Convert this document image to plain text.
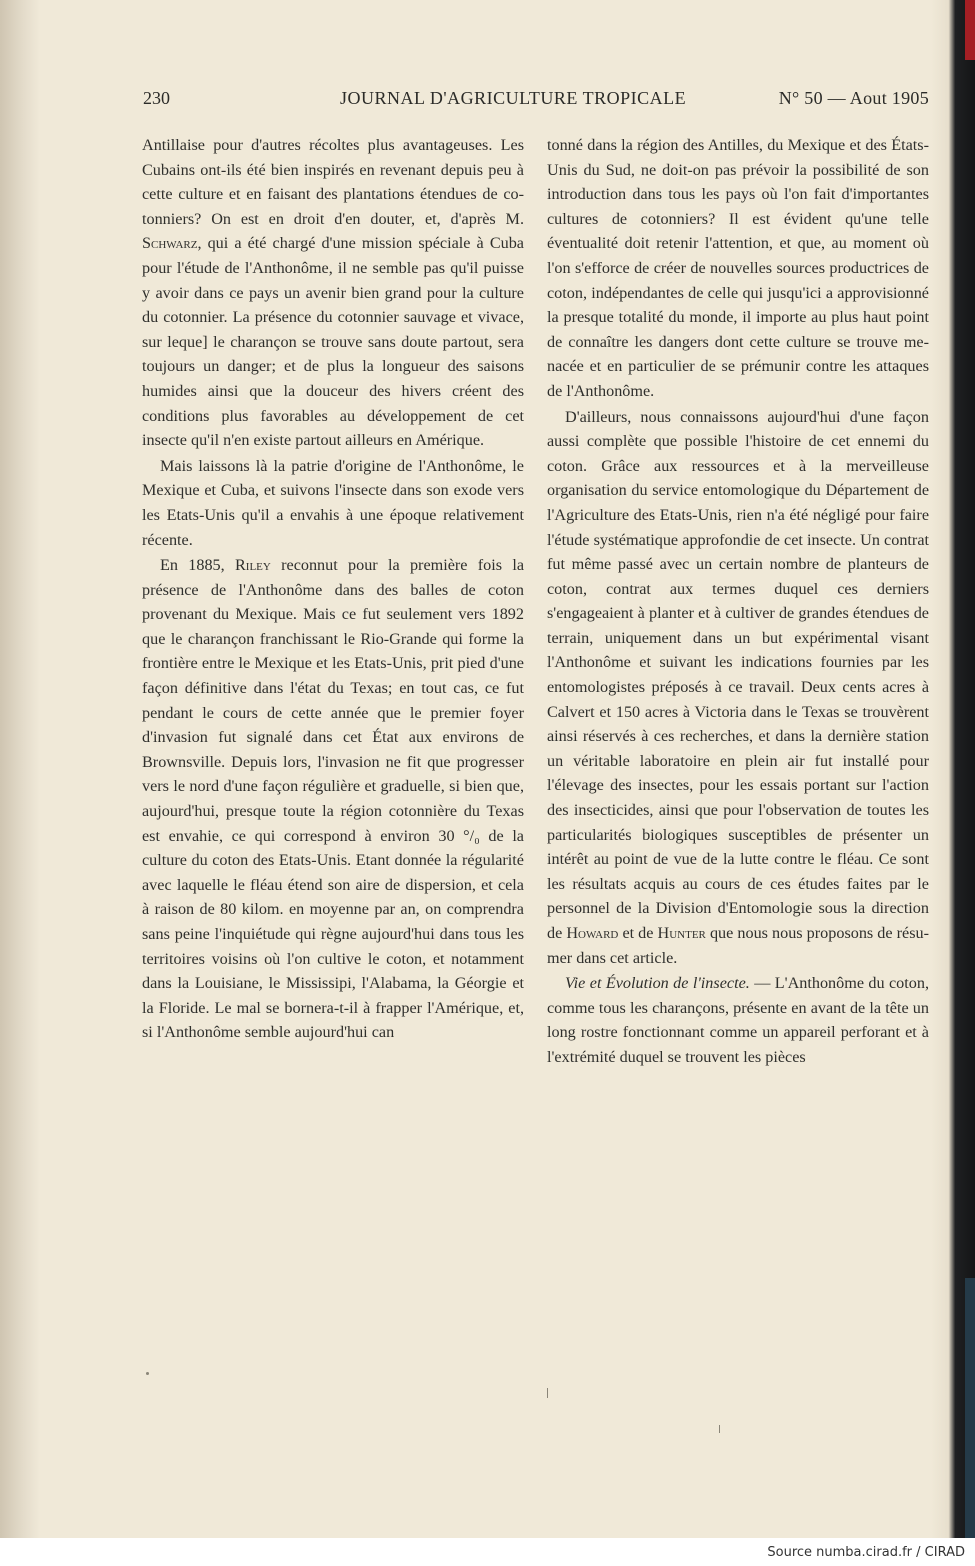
230	JOURNAL D'AGRICULTURE TROPICALE	N° 50 — Aout 1905

Antillaise pour d'autres récoltes plus avantageuses. Les Cubains ont-ils été bien inspirés en revenant depuis peu à cette culture et en faisant des plantations étendues de cotonniers? On est en droit d'en douter, et, d'après M. Schwarz, qui a été chargé d'une mission spéciale à Cuba pour l'étude de l'Anthonôme, il ne semble pas qu'il puisse y avoir dans ce pays un avenir bien grand pour la culture du cotonnier. La présence du cotonnier sauvage et vivace, sur leque] le charançon se trouve sans doute partout, sera toujours un danger; et de plus la longueur des saisons humides ainsi que la douceur des hivers créent des conditions plus favorables au développement de cet insecte qu'il n'en existe partout ailleurs en Amérique.

Mais laissons là la patrie d'origine de l'Anthonôme, le Mexique et Cuba, et suivons l'insecte dans son exode vers les Etats-Unis qu'il a envahis à une époque relativement récente.

En 1885, Riley reconnut pour la première fois la présence de l'Anthonôme dans des balles de coton provenant du Mexique. Mais ce fut seulement vers 1892 que le charançon franchissant le Rio-Grande qui forme la frontière entre le Mexique et les Etats-Unis, prit pied d'une façon définitive dans l'état du Texas; en tout cas, ce fut pendant le cours de cette année que le premier foyer d'invasion fut signalé dans cet État aux environs de Brownsville. Depuis lors, l'invasion ne fit que progresser vers le nord d'une façon régulière et graduelle, si bien que, aujourd'hui, presque toute la région cotonnière du Texas est envahie, ce qui correspond à environ 30 °/₀ de la culture du coton des Etats-Unis. Etant donnée la régularité avec laquelle le fléau étend son aire de dispersion, et cela à raison de 80 kilom. en moyenne par an, on comprendra sans peine l'inquiétude qui règne aujourd'hui dans tous les territoires voisins où l'on cultive le coton, et notamment dans la Louisiane, le Mississipi, l'Alabama, la Géorgie et la Floride. Le mal se bornera-t-il à frapper l'Amérique, et, si l'Anthonôme semble aujourd'hui can

tonné dans la région des Antilles, du Mexique et des États-Unis du Sud, ne doit-on pas prévoir la possibilité de son introduction dans tous les pays où l'on fait d'importantes cultures de cotonniers? Il est évident qu'une telle éventualité doit retenir l'attention, et que, au moment où l'on s'efforce de créer de nouvelles sources productrices de coton, indépendantes de celle qui jusqu'ici a approvisionné la presque totalité du monde, il importe au plus haut point de connaître les dangers dont cette culture se trouve menacée et en particulier de se prémunir contre les attaques de l'Anthonôme.

D'ailleurs, nous connaissons aujourd'hui d'une façon aussi complète que possible l'histoire de cet ennemi du coton. Grâce aux ressources et à la merveilleuse organisation du service entomologique du Département de l'Agriculture des Etats-Unis, rien n'a été négligé pour faire l'étude systématique approfondie de cet insecte. Un contrat fut même passé avec un certain nombre de planteurs de coton, contrat aux termes duquel ces derniers s'engageaient à planter et à cultiver de grandes étendues de terrain, uniquement dans un but expérimental visant l'Anthonôme et suivant les indications fournies par les entomologistes préposés à ce travail. Deux cents acres à Calvert et 150 acres à Victoria dans le Texas se trouvèrent ainsi réservés à ces recherches, et dans la dernière station un véritable laboratoire en plein air fut installé pour l'élevage des insectes, pour les essais portant sur l'action des insecticides, ainsi que pour l'observation de toutes les particularités biologiques susceptibles de présenter un intérêt au point de vue de la lutte contre le fléau. Ce sont les résultats acquis au cours de ces études faites par le personnel de la Division d'Entomologie sous la direction de Howard et de Hunter que nous nous proposons de résumer dans cet article.

Vie et Évolution de l'insecte. — L'Anthonôme du coton, comme tous les charançons, présente en avant de la tête un long rostre fonctionnant comme un appareil perforant et à l'extrémité duquel se trouvent les pièces

Source numba.cirad.fr / CIRAD
